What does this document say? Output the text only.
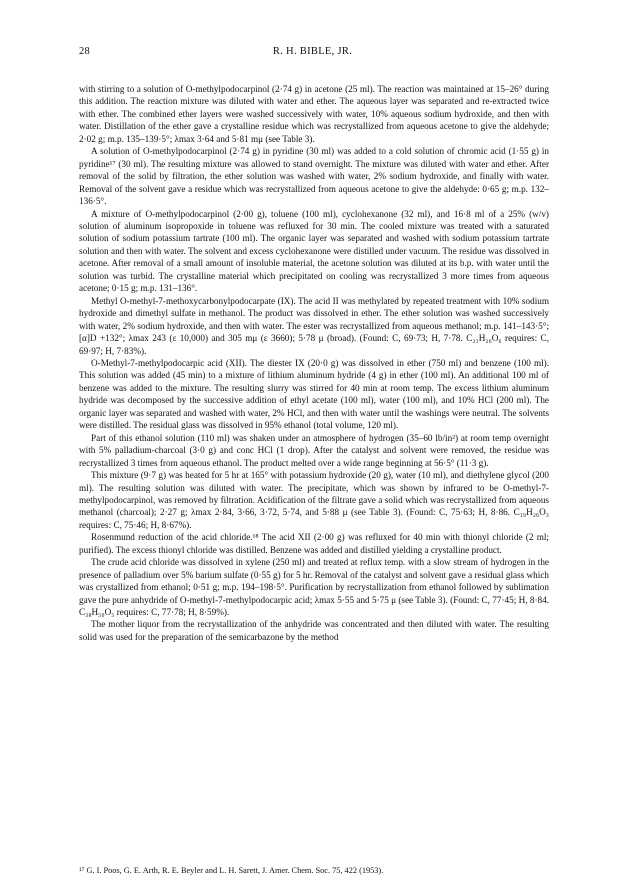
28	R. H. BIBLE, JR.

with stirring to a solution of O-methylpodocarpinol (2·74 g) in acetone (25 ml). The reaction was maintained at 15–26° during this addition. The reaction mixture was diluted with water and ether. The aqueous layer was separated and re-extracted twice with ether. The combined ether layers were washed successively with water, 10% aqueous sodium hydroxide, and then with water. Distillation of the ether gave a crystalline residue which was recrystallized from aqueous acetone to give the aldehyde; 2·02 g; m.p. 135–139·5°; λmax 3·64 and 5·81 mμ (see Table 3).

A solution of O-methylpodocarpinol (2·74 g) in pyridine (30 ml) was added to a cold solution of chromic acid (1·55 g) in pyridine¹⁷ (30 ml). The resulting mixture was allowed to stand overnight. The mixture was diluted with water and ether. After removal of the solid by filtration, the ether solution was washed with water, 2% sodium hydroxide, and finally with water. Removal of the solvent gave a residue which was recrystallized from aqueous acetone to give the aldehyde: 0·65 g; m.p. 132–136·5°.

A mixture of O-methylpodocarpinol (2·00 g), toluene (100 ml), cyclohexanone (32 ml), and 16·8 ml of a 25% (w/v) solution of aluminum isopropoxide in toluene was refluxed for 30 min. The cooled mixture was treated with a saturated solution of sodium potassium tartrate (100 ml). The organic layer was separated and washed with sodium potassium tartrate solution and then with water. The solvent and excess cyclohexanone were distilled under vacuum. The residue was dissolved in acetone. After removal of a small amount of insoluble material, the acetone solution was diluted at its b.p. with water until the solution was turbid. The crystalline material which precipitated on cooling was recrystallized 3 more times from aqueous acetone; 0·15 g; m.p. 131–136°.

Methyl O-methyl-7-methoxycarbonylpodocarpate (IX). The acid II was methylated by repeated treatment with 10% sodium hydroxide and dimethyl sulfate in methanol. The product was dissolved in ether. The ether solution was washed successively with water, 2% sodium hydroxide, and then with water. The ester was recrystallized from aqueous methanol; m.p. 141–143·5°; [α]D +132°; λmax 243 (ε 10,000) and 305 mμ (ε 3660); 5·78 μ (broad). (Found: C, 69·73; H, 7·78. C₂₁H₂₆O₆ requires: C, 69·97; H, 7·83%).

O-Methyl-7-methylpodocarpic acid (XII). The diester IX (20·0 g) was dissolved in ether (750 ml) and benzene (100 ml). This solution was added (45 min) to a mixture of lithium aluminum hydride (4 g) in ether (100 ml). An additional 100 ml of benzene was added to the mixture. The resulting slurry was stirred for 40 min at room temp. The excess lithium aluminum hydride was decomposed by the successive addition of ethyl acetate (100 ml), water (100 ml), and 10% HCl (200 ml). The organic layer was separated and washed with water, 2% HCl, and then with water until the washings were neutral. The solvents were distilled. The residual glass was dissolved in 95% ethanol (total volume, 120 ml).

Part of this ethanol solution (110 ml) was shaken under an atmosphere of hydrogen (35–60 lb/in²) at room temp overnight with 5% palladium-charcoal (3·0 g) and conc HCl (1 drop). After the catalyst and solvent were removed, the residue was recrystallized 3 times from aqueous ethanol. The product melted over a wide range beginning at 56·5° (11·3 g).

This mixture (9·7 g) was heated for 5 hr at 165° with potassium hydroxide (20 g), water (10 ml), and diethylene glycol (200 ml). The resulting solution was diluted with water. The precipitate, which was shown by infrared to be O-methyl-7-methylpodocarpinol, was removed by filtration. Acidification of the filtrate gave a solid which was recrystallized from aqueous methanol (charcoal); 2·27 g; λmax 2·84, 3·66, 3·72, 5·74, and 5·88 μ (see Table 3). (Found: C, 75·63; H, 8·86. C₁₉H₂₆O₃ requires: C, 75·46; H, 8·67%).

Rosenmund reduction of the acid chloride.¹⁸ The acid XII (2·00 g) was refluxed for 40 min with thionyl chloride (2 ml; purified). The excess thionyl chloride was distilled. Benzene was added and distilled yielding a crystalline product.

The crude acid chloride was dissolved in xylene (250 ml) and treated at reflux temp. with a slow stream of hydrogen in the presence of palladium over 5% barium sulfate (0·55 g) for 5 hr. Removal of the catalyst and solvent gave a residual glass which was crystallized from ethanol; 0·51 g; m.p. 194–198·5°. Purification by recrystallization from ethanol followed by sublimation gave the pure anhydride of O-methyl-7-methylpodocarpic acid; λmax 5·55 and 5·75 μ (see Table 3). (Found: C, 77·45; H, 8·84. C₃₈H₅₀O₅ requires: C, 77·78; H, 8·59%).

The mother liquor from the recrystallization of the anhydride was concentrated and then diluted with water. The resulting solid was used for the preparation of the semicarbazone by the method

¹⁷ G. I. Poos, G. E. Arth, R. E. Beyler and L. H. Sarett, J. Amer. Chem. Soc. 75, 422 (1953).
